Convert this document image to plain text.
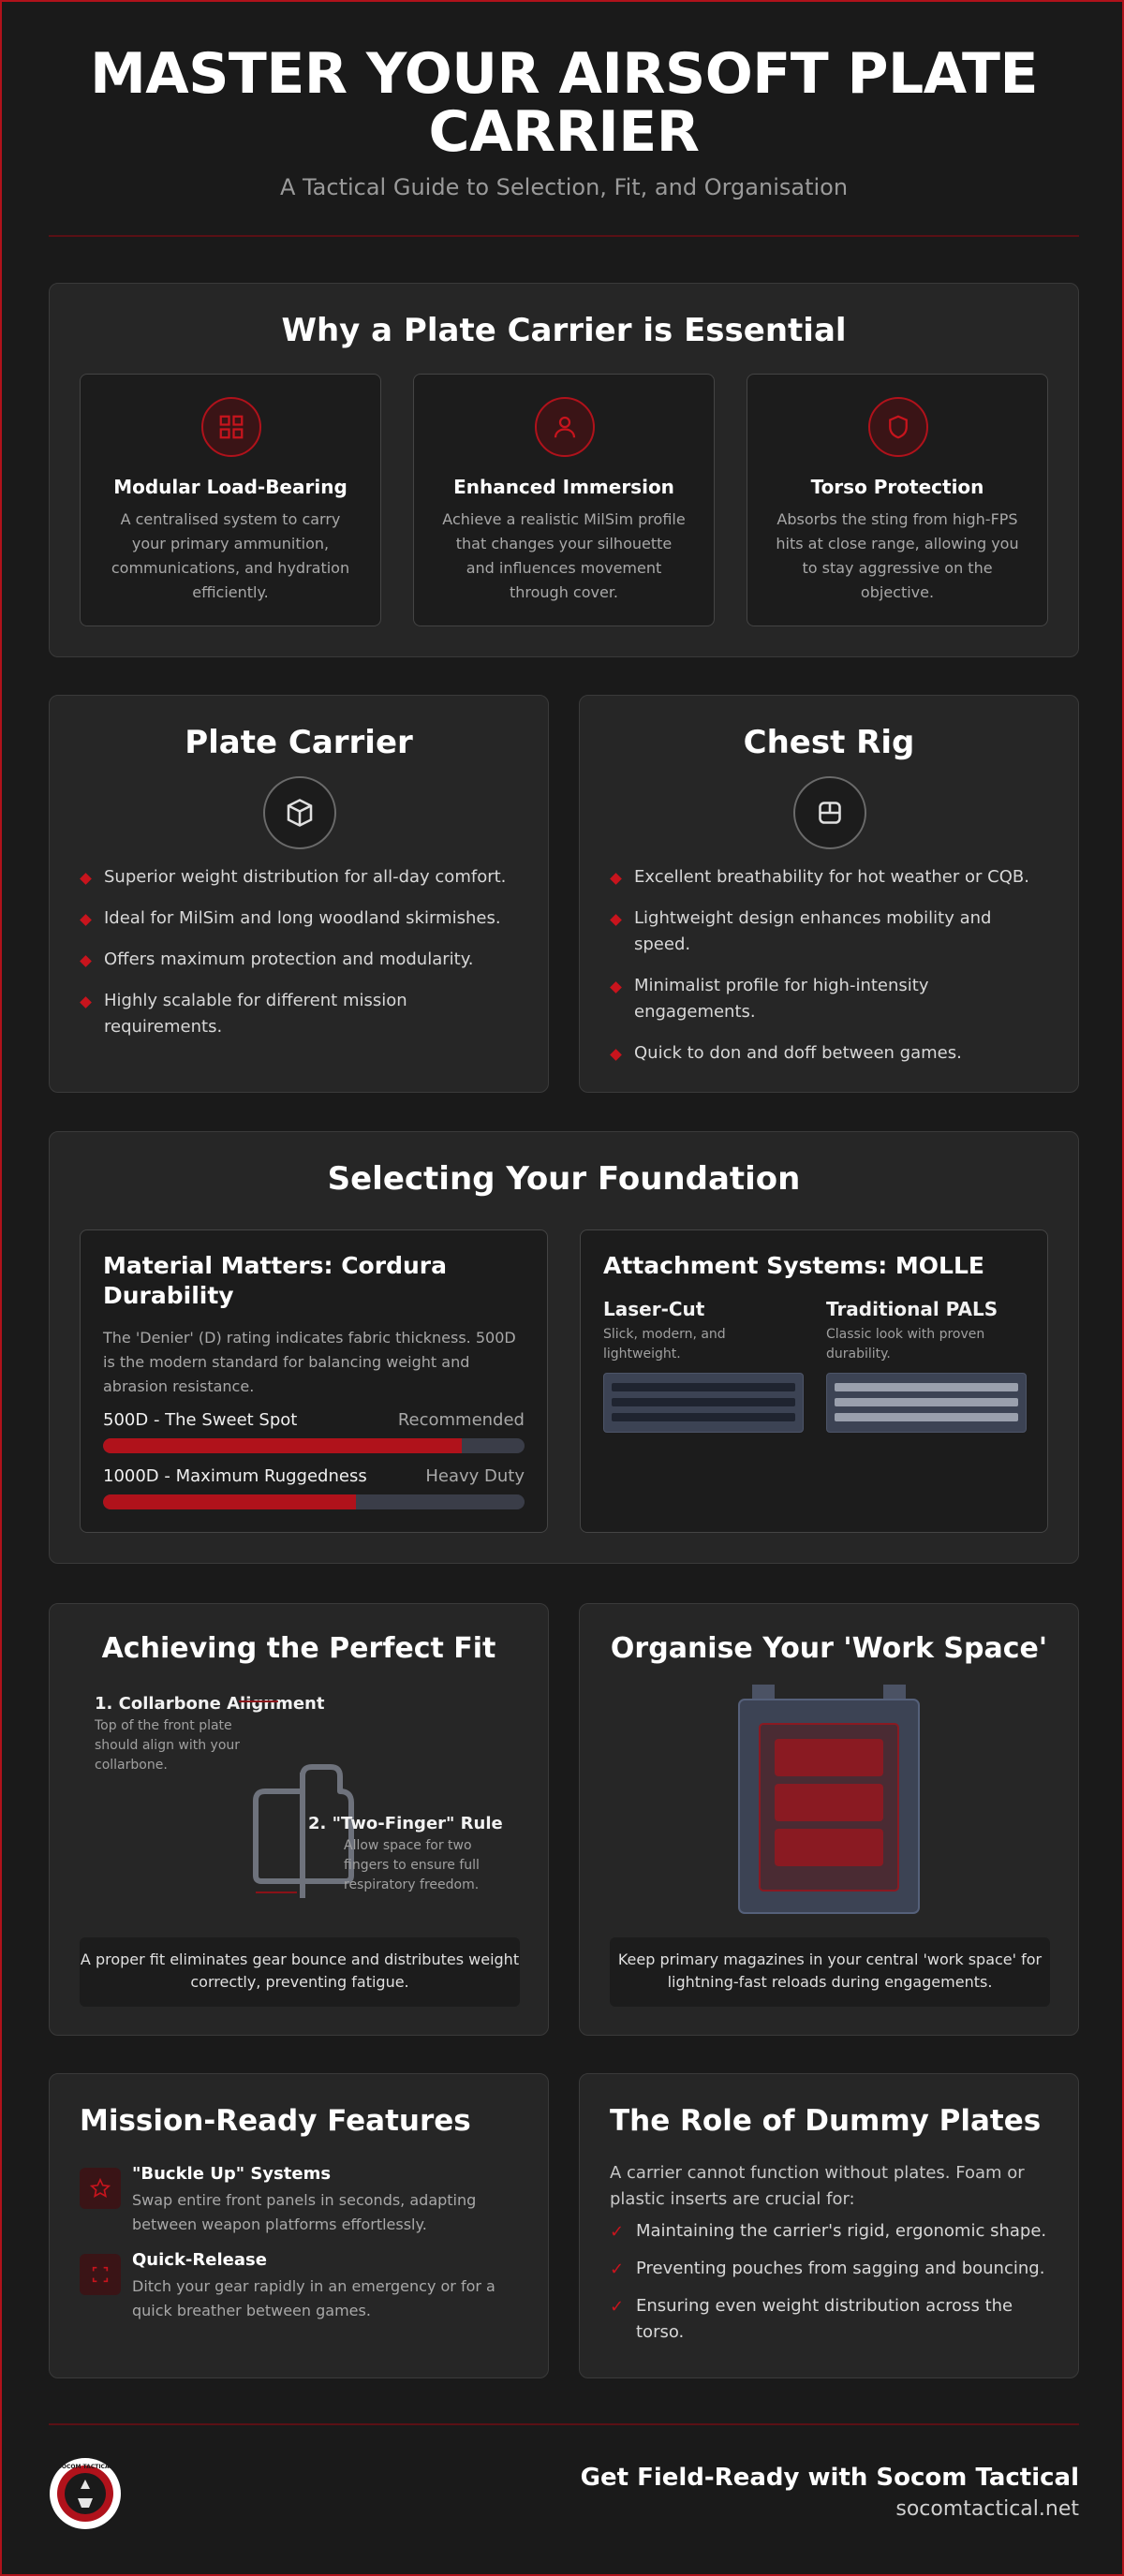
MASTER YOUR AIRSOFT PLATE CARRIER
A Tactical Guide to Selection, Fit, and Organisation
Why a Plate Carrier is Essential
Modular Load-Bearing
A centralised system to carry your primary ammunition, communications, and hydration efficiently.
Enhanced Immersion
Achieve a realistic MilSim profile that changes your silhouette and influences movement through cover.
Torso Protection
Absorbs the sting from high-FPS hits at close range, allowing you to stay aggressive on the objective.
Plate Carrier
Superior weight distribution for all-day comfort.
Ideal for MilSim and long woodland skirmishes.
Offers maximum protection and modularity.
Highly scalable for different mission requirements.
Chest Rig
Excellent breathability for hot weather or CQB.
Lightweight design enhances mobility and speed.
Minimalist profile for high-intensity engagements.
Quick to don and doff between games.
Selecting Your Foundation
Material Matters: Cordura Durability
The 'Denier' (D) rating indicates fabric thickness. 500D is the modern standard for balancing weight and abrasion resistance.
500D - The Sweet Spot	Recommended
1000D - Maximum Ruggedness	Heavy Duty
Attachment Systems: MOLLE
Laser-Cut
Slick, modern, and lightweight.
Traditional PALS
Classic look with proven durability.
Achieving the Perfect Fit
1. Collarbone Alignment
Top of the front plate should align with your collarbone.
2. "Two-Finger" Rule
Allow space for two fingers to ensure full respiratory freedom.
A proper fit eliminates gear bounce and distributes weight correctly, preventing fatigue.
Organise Your 'Work Space'
Keep primary magazines in your central 'work space' for lightning-fast reloads during engagements.
Mission-Ready Features
"Buckle Up" Systems
Swap entire front panels in seconds, adapting between weapon platforms effortlessly.
Quick-Release
Ditch your gear rapidly in an emergency or for a quick breather between games.
The Role of Dummy Plates
A carrier cannot function without plates. Foam or plastic inserts are crucial for:
✓ Maintaining the carrier's rigid, ergonomic shape.
✓ Preventing pouches from sagging and bouncing.
✓ Ensuring even weight distribution across the torso.
SOCOM TACTICAL	Get Field-Ready with Socom Tactical
socomtactical.net
